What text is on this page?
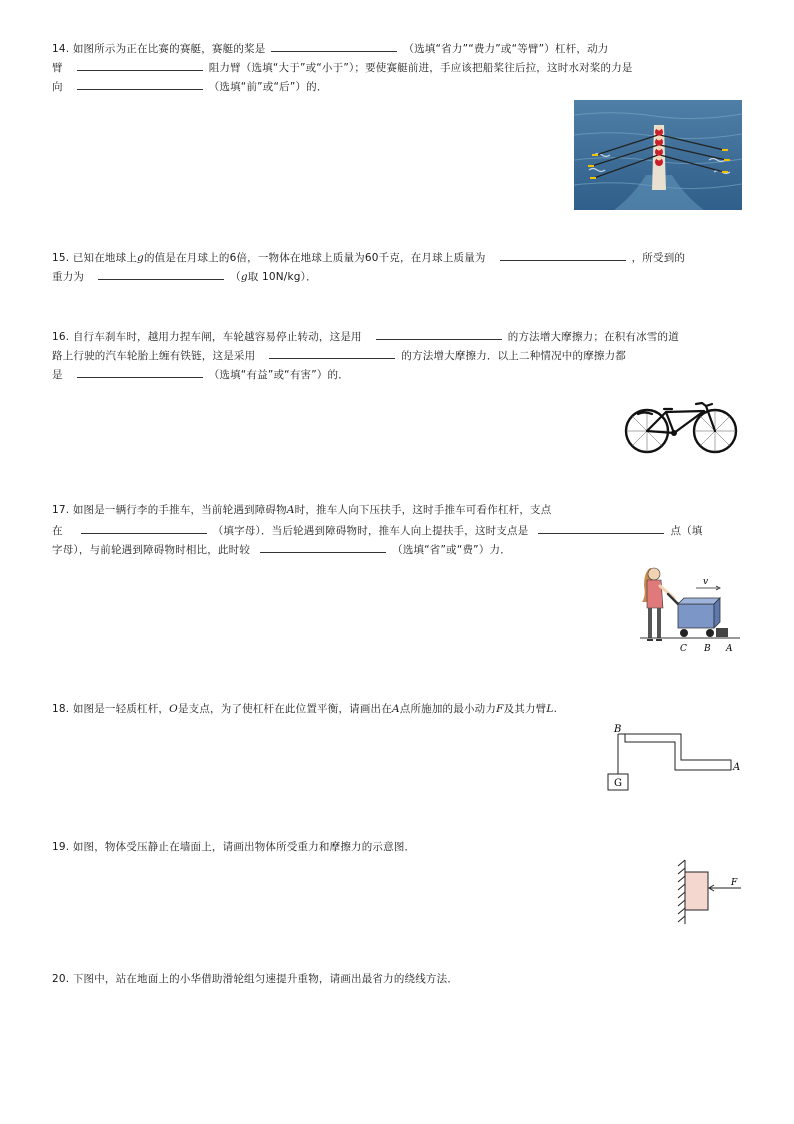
14. 如图所示为正在比赛的赛艇，赛艇的桨是	（选填“省力”“费力”或“等臂”）杠杆，动力
臂	阻力臂（选填“大于”或“小于”）；要使赛艇前进，手应该把船桨往后拉，这时水对桨的力是
向	（选填“前”或“后”）的．
15. 已知在地球上g的值是在月球上的6倍，一物体在地球上质量为60千克，在月球上质量为	，所受到的
重力为	（g取 10N/kg）．
16. 自行车刹车时，越用力捏车闸，车轮越容易停止转动，这是用	的方法增大摩擦力；在积有冰雪的道
路上行驶的汽车轮胎上缠有铁链，这是采用	的方法增大摩擦力．以上二种情况中的摩擦力都
是	（选填“有益”或“有害”）的．
17. 如图是一辆行李的手推车，当前轮遇到障碍物A时，推车人向下压扶手，这时手推车可看作杠杆，支点
在	（填字母）．当后轮遇到障碍物时，推车人向上提扶手，这时支点是	点（填
字母），与前轮遇到障碍物时相比，此时较	（选填“省”或“费”）力．
v
C B A
18. 如图是一轻质杠杆，O是支点，为了使杠杆在此位置平衡，请画出在A点所施加的最小动力F及其力臂L.
G
B
A
19. 如图，物体受压静止在墙面上，请画出物体所受重力和摩擦力的示意图．
F
20. 下图中，站在地面上的小华借助滑轮组匀速提升重物，请画出最省力的绕线方法．
